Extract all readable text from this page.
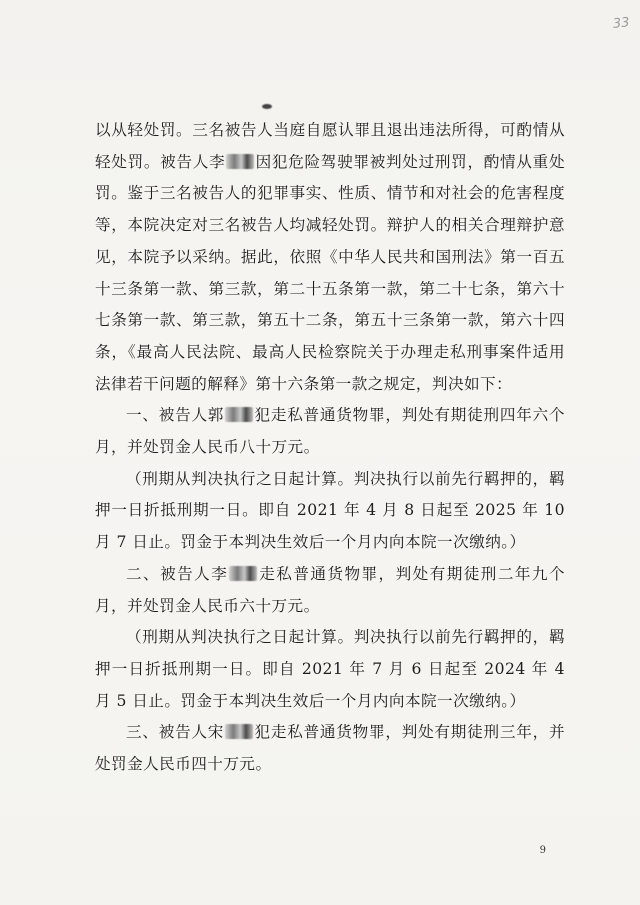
33

以从轻处罚。三名被告人当庭自愿认罪且退出违法所得，可酌情从轻处罚。被告人李 因犯危险驾驶罪被判处过刑罚，酌情从重处罚。鉴于三名被告人的犯罪事实、性质、情节和对社会的危害程度等，本院决定对三名被告人均减轻处罚。辩护人的相关合理辩护意见，本院予以采纳。据此，依照《中华人民共和国刑法》第一百五十三条第一款、第三款，第二十五条第一款，第二十七条，第六十七条第一款、第三款，第五十二条，第五十三条第一款，第六十四条，《最高人民法院、最高人民检察院关于办理走私刑事案件适用法律若干问题的解释》第十六条第一款之规定，判决如下：

一、被告人郭 犯走私普通货物罪，判处有期徒刑四年六个月，并处罚金人民币八十万元。

（刑期从判决执行之日起计算。判决执行以前先行羁押的，羁押一日折抵刑期一日。即自 2021 年 4 月 8 日起至 2025 年 10 月 7 日止。罚金于本判决生效后一个月内向本院一次缴纳。）

二、被告人李 走私普通货物罪，判处有期徒刑二年九个月，并处罚金人民币六十万元。

（刑期从判决执行之日起计算。判决执行以前先行羁押的，羁押一日折抵刑期一日。即自 2021 年 7 月 6 日起至 2024 年 4 月 5 日止。罚金于本判决生效后一个月内向本院一次缴纳。）

三、被告人宋 犯走私普通货物罪，判处有期徒刑三年，并处罚金人民币四十万元。

9
